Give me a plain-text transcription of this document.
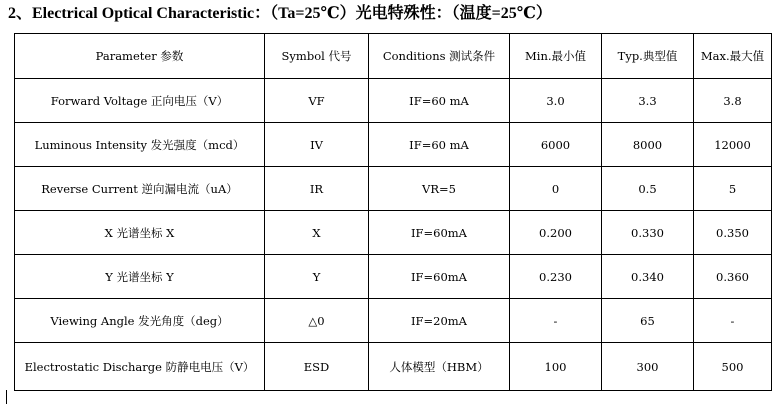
2、Electrical Optical Characteristic：（Ta=25℃）光电特殊性：（温度=25℃）
Parameter 参数	Symbol 代号	Conditions 测试条件	Min.最小值	Typ.典型值	Max.最大值
Forward Voltage 正向电压（V）	VF	IF=60 mA	3.0	3.3	3.8
Luminous Intensity 发光强度（mcd）	IV	IF=60 mA	6000	8000	12000
Reverse Current 逆向漏电流（uA）	IR	VR=5	0	0.5	5
X 光谱坐标 X	X	IF=60mA	0.200	0.330	0.350
Y 光谱坐标 Y	Y	IF=60mA	0.230	0.340	0.360
Viewing Angle 发光角度（deg）	△0	IF=20mA	-	65	-
Electrostatic Discharge 防静电电压（V）	ESD	人体模型（HBM）	100	300	500
